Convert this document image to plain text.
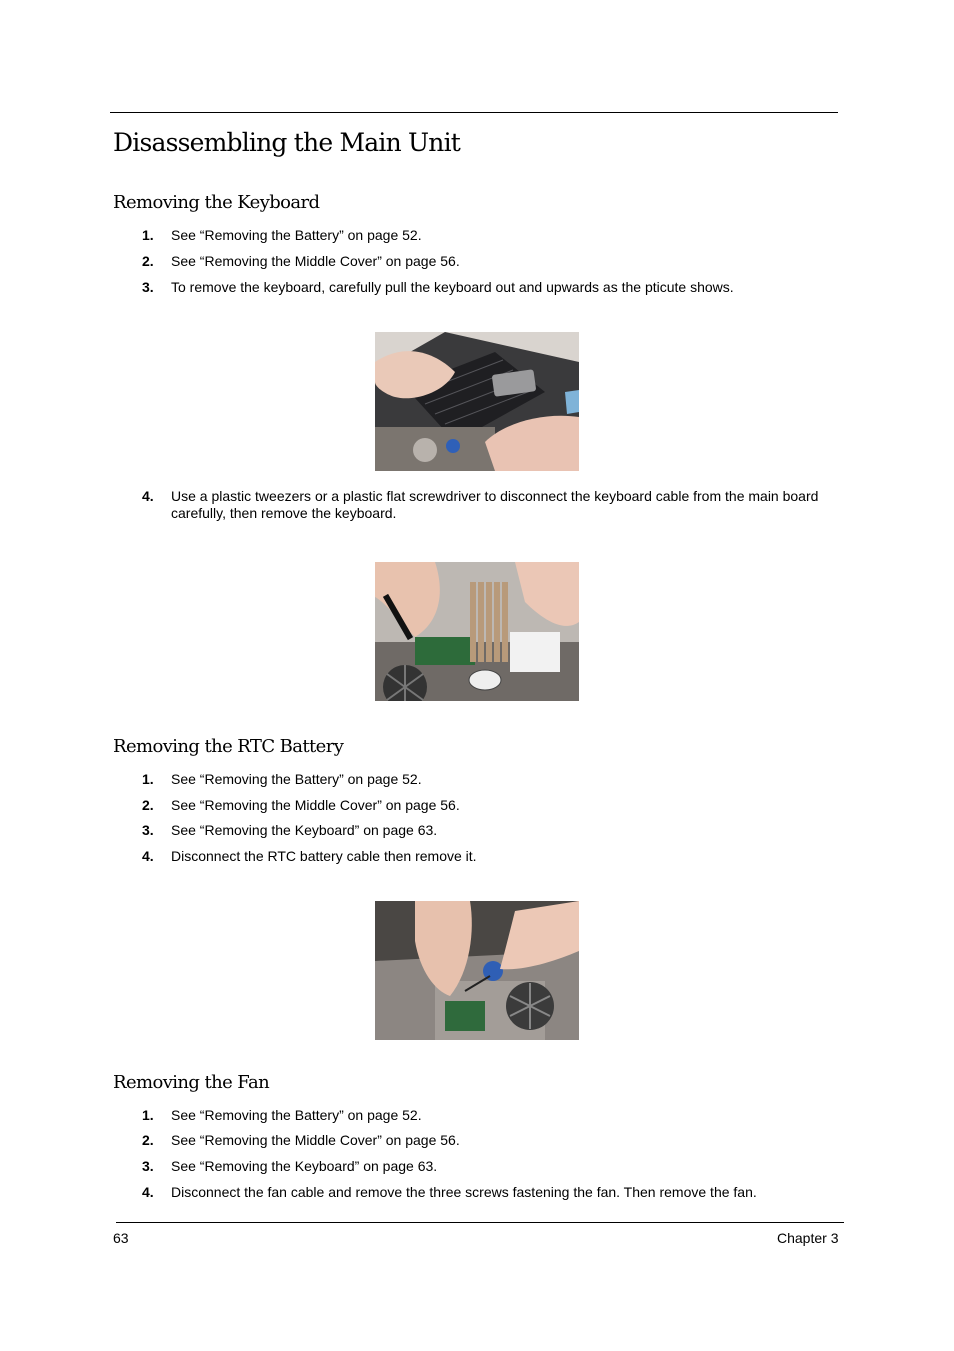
Disassembling the Main Unit
Removing the Keyboard
1. See “Removing the Battery” on page 52.
2. See “Removing the Middle Cover” on page 56.
3. To remove the keyboard, carefully pull the keyboard out and upwards as the pticute shows.
4. Use a plastic tweezers or a plastic flat screwdriver to disconnect the keyboard cable from the main board carefully, then remove the keyboard.
Removing the RTC Battery
1. See “Removing the Battery” on page 52.
2. See “Removing the Middle Cover” on page 56.
3. See “Removing the Keyboard” on page 63.
4. Disconnect the RTC battery cable then remove it.
Removing the Fan
1. See “Removing the Battery” on page 52.
2. See “Removing the Middle Cover” on page 56.
3. See “Removing the Keyboard” on page 63.
4. Disconnect the fan cable and remove the three screws fastening the fan. Then remove the fan.
63	Chapter 3
